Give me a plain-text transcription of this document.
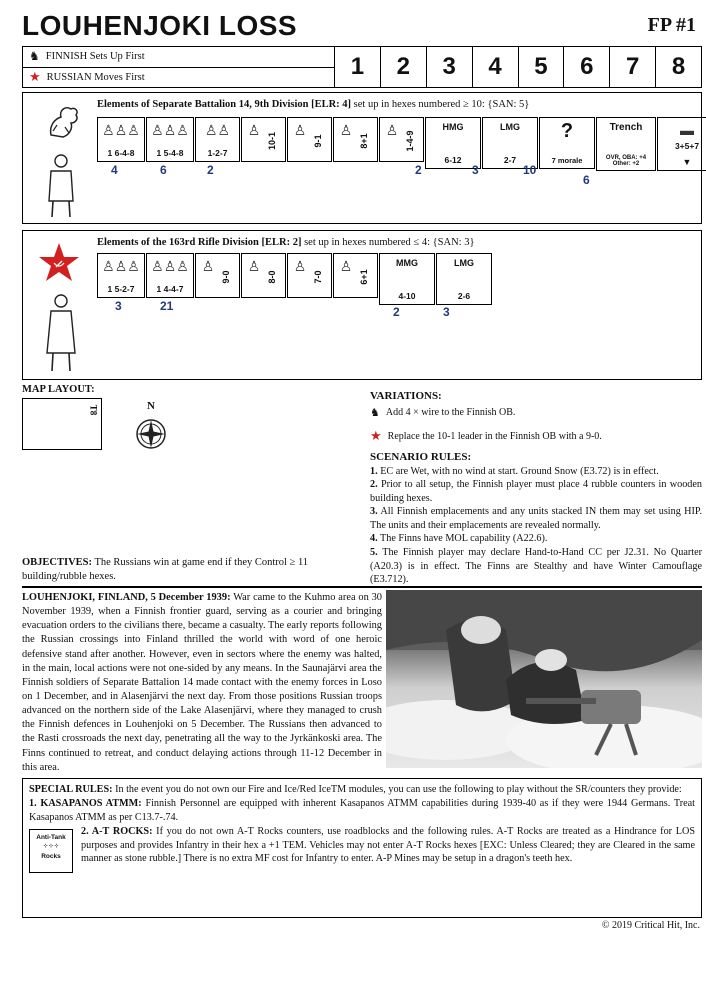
LOUHENJOKI LOSS	FP #1
♞ FINNISH Sets Up First
★ RUSSIAN Moves First	1	2	3	4	5	6	7	8
Elements of Separate Battalion 14, 9th Division [ELR: 4] set up in hexes numbered ≥ 10: {SAN: 5}
♙♙♙
1 6-4-8
♙♙♙
1 5-4-8
♙♙
1-2-7
♙
10-1
♙
9-1
♙
8+1
♙
1-4-9
HMG
6-12
LMG
2-7
?
7 morale
Trench
OVR, OBA: +4 Other: +2
▬
3+5+7
▼
4	6	2	2	3	10
6
Elements of the 163rd Rifle Division [ELR: 2] set up in hexes numbered ≤ 4: {SAN: 3}
♙♙♙
1 5-2-7
♙♙♙
1 4-4-7
♙
9-0
♙
8-0
♙
7-0
♙
6+1
MMG
4-10
LMG
2-6
3	21	2	3
MAP LAYOUT:
T8	N
VARIATIONS:
♞ Add 4 × wire to the Finnish OB.
★ Replace the 10-1 leader in the Finnish OB with a 9-0.
SCENARIO RULES:

1. EC are Wet, with no wind at start. Ground Snow (E3.72) is in effect.

2. Prior to all setup, the Finnish player must place 4 rubble counters in wooden building hexes.

3. All Finnish emplacements and any units stacked IN them may set using HIP. The units and their emplacements are revealed normally.

4. The Finns have MOL capability (A22.6).

5. The Finnish player may declare Hand-to-Hand CC per J2.31. No Quarter (A20.3) is in effect. The Finns are Stealthy and have Winter Camouflage (E3.712).

OBJECTIVES: The Russians win at game end if they Control ≥ 11 building/rubble hexes.
LOUHENJOKI, FINLAND, 5 December 1939: War came to the Kuhmo area on 30 November 1939, when a Finnish frontier guard, serving as a courier and bringing evacuation orders to the civilians there, became a casualty. The early reports following the Russian crossings into Finland thrilled the world with word of one heroic defensive stand after another. However, even in sectors where the enemy was halted, in the main, local actions were not one-sided by any means. In the Saunajärvi area the Finnish soldiers of Separate Battalion 14 made contact with the enemy forces in Loso on 1 December, and in Alasenjärvi the next day. From those positions Russian troops advanced on the northern side of the Lake Alasenjärvi, where they managed to crush the Finnish defences in Louhenjoki on 5 December. The Russians then advanced to the Rasti crossroads the next day, penetrating all the way to the Jyrkänkoski area. The Finns continued to retreat, and conduct delaying actions through 11-12 December in this area.

SPECIAL RULES: In the event you do not own our Fire and Ice/Red IceTM modules, you can use the following to play without the SR/counters they provide:

1. KASAPANOS ATMM: Finnish Personnel are equipped with inherent Kasapanos ATMM capabilities during 1939-40 as if they were 1944 Germans. Treat Kasapanos ATMM as per C13.7-.74.

Anti-Tank
⁘⁘⁘
Rocks

2. A-T ROCKS: If you do not own A-T Rocks counters, use roadblocks and the following rules. A-T Rocks are treated as a Hindrance for LOS purposes and provides Infantry in their hex a +1 TEM. Vehicles may not enter A-T Rocks hexes [EXC: Unless Cleared; they are Cleared in the same manner as stone rubble.] There is no extra MF cost for Infantry to enter. A-P Mines may be setup in a dragon's teeth hex.

© 2019 Critical Hit, Inc.
